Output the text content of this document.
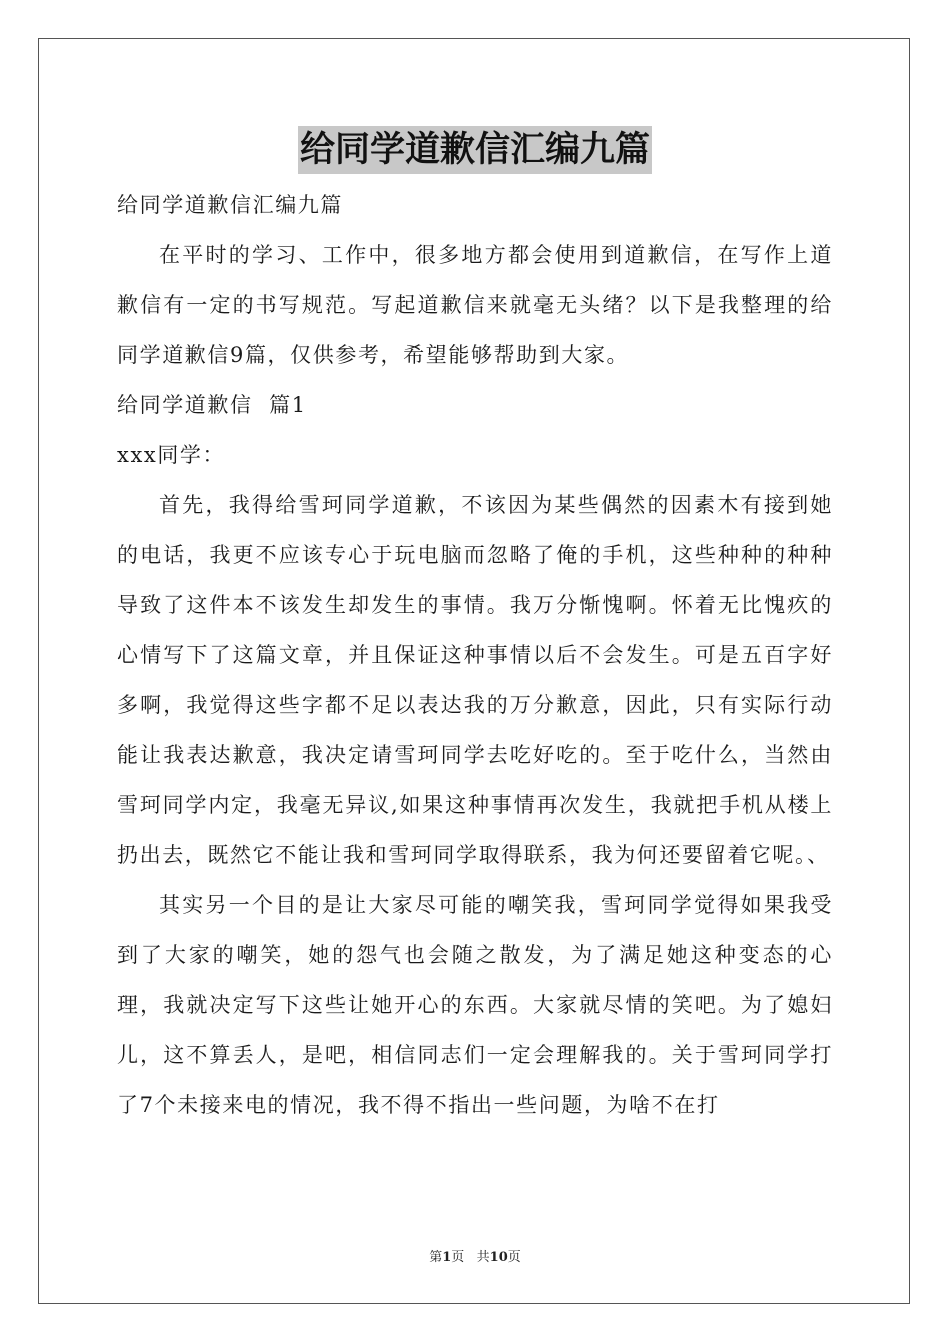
给同学道歉信汇编九篇
给同学道歉信汇编九篇
在平时的学习、工作中，很多地方都会使用到道歉信，在写作上道歉信有一定的书写规范。写起道歉信来就毫无头绪？以下是我整理的给同学道歉信9篇，仅供参考，希望能够帮助到大家。
给同学道歉信  篇1
xxx同学：
首先，我得给雪珂同学道歉，不该因为某些偶然的因素木有接到她的电话，我更不应该专心于玩电脑而忽略了俺的手机，这些种种的种种导致了这件本不该发生却发生的事情。我万分惭愧啊。怀着无比愧疚的心情写下了这篇文章，并且保证这种事情以后不会发生。可是五百字好多啊，我觉得这些字都不足以表达我的万分歉意，因此，只有实际行动能让我表达歉意，我决定请雪珂同学去吃好吃的。至于吃什么，当然由雪珂同学内定，我毫无异议,如果这种事情再次发生，我就把手机从楼上扔出去，既然它不能让我和雪珂同学取得联系，我为何还要留着它呢。、
其实另一个目的是让大家尽可能的嘲笑我，雪珂同学觉得如果我受到了大家的嘲笑，她的怨气也会随之散发，为了满足她这种变态的心理，我就决定写下这些让她开心的东西。大家就尽情的笑吧。为了媳妇儿，这不算丢人，是吧，相信同志们一定会理解我的。关于雪珂同学打了7个未接来电的情况，我不得不指出一些问题，为啥不在打
第1页   共10页
